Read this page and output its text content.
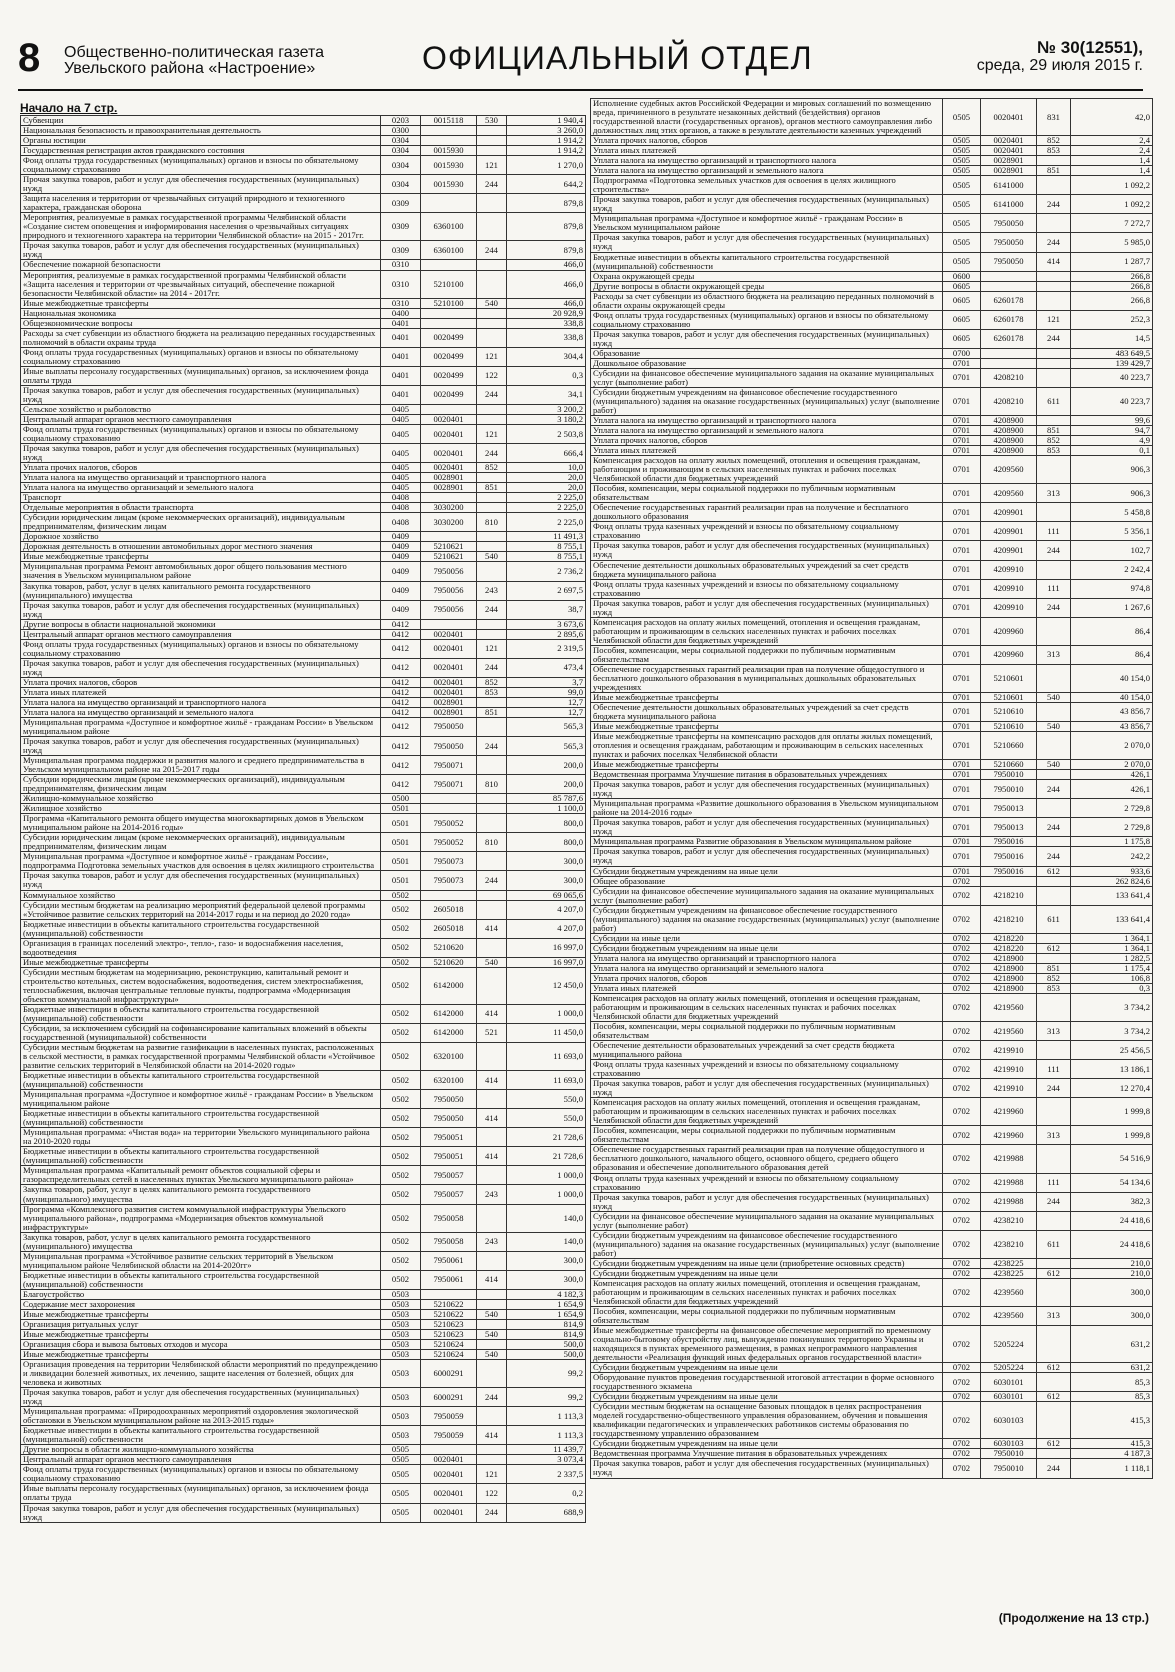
8 Общественно-политическая газета
Увельского района «Настроение»	ОФИЦИАЛЬНЫЙ ОТДЕЛ	№ 30(12551),
среда, 29 июля 2015 г.
Начало на 7 стр.
Субвенции	0203	0015118	530	1 940,4
Национальная безопасность и правоохранительная деятельность	0300			3 260,0
Органы юстиции	0304			1 914,2
Государственная регистрация актов гражданского состояния	0304	0015930		1 914,2
Фонд оплаты труда государственных (муниципальных) органов и взносы по обязательному социальному страхованию	0304	0015930	121	1 270,0
Прочая закупка товаров, работ и услуг для обеспечения государственных (муниципальных) нужд	0304	0015930	244	644,2
Защита населения и территории от чрезвычайных ситуаций природного и техногенного характера, гражданская оборона	0309			879,8
Мероприятия, реализуемые в рамках государственной программы Челябинской области «Создание систем оповещения и информирования населения о чрезвычайных ситуациях природного и техногенного характера на территории Челябинской области» на 2015 - 2017гг.	0309	6360100		879,8
Прочая закупка товаров, работ и услуг для обеспечения государственных (муниципальных) нужд	0309	6360100	244	879,8
Обеспечение пожарной безопасности	0310			466,0
Мероприятия, реализуемые в рамках государственной программы Челябинской области «Защита населения и территории от чрезвычайных ситуаций, обеспечение пожарной безопасности Челябинской области» на 2014 - 2017гг.	0310	5210100		466,0
Иные межбюджетные трансферты	0310	5210100	540	466,0
Национальная экономика	0400			20 928,9
Общеэкономические вопросы	0401			338,8
Расходы за счет субвенции из областного бюджета на реализацию переданных государственных полномочий в области охраны труда	0401	0020499		338,8
Фонд оплаты труда государственных (муниципальных) органов и взносы по обязательному социальному страхованию	0401	0020499	121	304,4
Иные выплаты персоналу государственных (муниципальных) органов, за исключением фонда оплаты труда	0401	0020499	122	0,3
Прочая закупка товаров, работ и услуг для обеспечения государственных (муниципальных) нужд	0401	0020499	244	34,1
Сельское хозяйство и рыболовство	0405			3 200,2
Центральный аппарат органов местного самоуправления	0405	0020401		3 180,2
Фонд оплаты труда государственных (муниципальных) органов и взносы по обязательному социальному страхованию	0405	0020401	121	2 503,8
Прочая закупка товаров, работ и услуг для обеспечения государственных (муниципальных) нужд	0405	0020401	244	666,4
Уплата прочих налогов, сборов	0405	0020401	852	10,0
Уплата налога на имущество организаций и транспортного налога	0405	0028901		20,0
Уплата налога на имущество организаций и земельного налога	0405	0028901	851	20,0
Транспорт	0408			2 225,0
Отдельные мероприятия в области транспорта	0408	3030200		2 225,0
Субсидии юридическим лицам (кроме некоммерческих организаций), индивидуальным предпринимателям, физическим лицам	0408	3030200	810	2 225,0
Дорожное хозяйство	0409			11 491,3
Дорожная деятельность в отношении автомобильных дорог местного значения	0409	5210621		8 755,1
Иные межбюджетные трансферты	0409	5210621	540	8 755,1
Муниципальная программа Ремонт автомобильных дорог общего пользования местного значения в Увельском муниципальном районе	0409	7950056		2 736,2
Закупка товаров, работ, услуг в целях капитального ремонта государственного (муниципального) имущества	0409	7950056	243	2 697,5
Прочая закупка товаров, работ и услуг для обеспечения государственных (муниципальных) нужд	0409	7950056	244	38,7
Другие вопросы в области национальной экономики	0412			3 673,6
Центральный аппарат органов местного самоуправления	0412	0020401		2 895,6
Фонд оплаты труда государственных (муниципальных) органов и взносы по обязательному социальному страхованию	0412	0020401	121	2 319,5
Прочая закупка товаров, работ и услуг для обеспечения государственных (муниципальных) нужд	0412	0020401	244	473,4
Уплата прочих налогов, сборов	0412	0020401	852	3,7
Уплата иных платежей	0412	0020401	853	99,0
Уплата налога на имущество организаций и транспортного налога	0412	0028901		12,7
Уплата налога на имущество организаций и земельного налога	0412	0028901	851	12,7
Муниципальная программа «Доступное и комфортное жильё - гражданам России» в Увельском муниципальном районе	0412	7950050		565,3
Прочая закупка товаров, работ и услуг для обеспечения государственных (муниципальных) нужд	0412	7950050	244	565,3
Муниципальная программа поддержки и развития малого и среднего предпринимательства в Увельском муниципальном районе на 2015-2017 годы	0412	7950071		200,0
Субсидии юридическим лицам (кроме некоммерческих организаций), индивидуальным предпринимателям, физическим лицам	0412	7950071	810	200,0
Жилищно-коммунальное хозяйство	0500			85 787,6
Жилищное хозяйство	0501			1 100,0
Программа «Капитального ремонта общего имущества многоквартирных домов в Увельском муниципальном районе на 2014-2016 годы»	0501	7950052		800,0
Субсидии юридическим лицам (кроме некоммерческих организаций), индивидуальным предпринимателям, физическим лицам	0501	7950052	810	800,0
Муниципальная программа «Доступное и комфортное жильё - гражданам России», подпрограмма Подготовка земельных участков для освоения в целях жилищного строительства	0501	7950073		300,0
Прочая закупка товаров, работ и услуг для обеспечения государственных (муниципальных) нужд	0501	7950073	244	300,0
Коммунальное хозяйство	0502			69 065,6
Субсидии местным бюджетам на реализацию мероприятий федеральной целевой программы «Устойчивое развитие сельских территорий на 2014-2017 годы и на период до 2020 года»	0502	2605018		4 207,0
Бюджетные инвестиции в объекты капитального строительства государственной (муниципальной) собственности	0502	2605018	414	4 207,0
Организация в границах поселений электро-, тепло-, газо- и водоснабжения населения, водоотведения	0502	5210620		16 997,0
Иные межбюджетные трансферты	0502	5210620	540	16 997,0
Субсидии местным бюджетам на модернизацию, реконструкцию, капитальный ремонт и строительство котельных, систем водоснабжения, водоотведения, систем электроснабжения, теплоснабжения, включая центральные тепловые пункты, подпрограмма «Модернизация объектов коммунальной инфраструктуры»	0502	6142000		12 450,0
Бюджетные инвестиции в объекты капитального строительства государственной (муниципальной) собственности	0502	6142000	414	1 000,0
Субсидии, за исключением субсидий на софинансирование капитальных вложений в объекты государственной (муниципальной) собственности	0502	6142000	521	11 450,0
Субсидии местным бюджетам на развитие газификации в населенных пунктах, расположенных в сельской местности, в рамках государственной программы Челябинской области «Устойчивое развитие сельских территорий в Челябинской области на 2014-2020 годы»	0502	6320100		11 693,0
Бюджетные инвестиции в объекты капитального строительства государственной (муниципальной) собственности	0502	6320100	414	11 693,0
Муниципальная программа «Доступное и комфортное жильё - гражданам России» в Увельском муниципальном районе	0502	7950050		550,0
Бюджетные инвестиции в объекты капитального строительства государственной (муниципальной) собственности	0502	7950050	414	550,0
Муниципальная программа: «Чистая вода» на территории Увельского муниципального района на 2010-2020 годы	0502	7950051		21 728,6
Бюджетные инвестиции в объекты капитального строительства государственной (муниципальной) собственности	0502	7950051	414	21 728,6
Муниципальная программа «Капитальный ремонт объектов социальной сферы и газораспределительных сетей в населенных пунктах Увельского муниципального района»	0502	7950057		1 000,0
Закупка товаров, работ, услуг в целях капитального ремонта государственного (муниципального) имущества	0502	7950057	243	1 000,0
Программа «Комплексного развития систем коммунальной инфраструктуры Увельского муниципального района», подпрограмма «Модернизация объектов коммунальной инфраструктуры»	0502	7950058		140,0
Закупка товаров, работ, услуг в целях капитального ремонта государственного (муниципального) имущества	0502	7950058	243	140,0
Муниципальная программа «Устойчивое развитие сельских территорий в Увельском муниципальном районе Челябинской области на 2014-2020гг»	0502	7950061		300,0
Бюджетные инвестиции в объекты капитального строительства государственной (муниципальной) собственности	0502	7950061	414	300,0
Благоустройство	0503			4 182,3
Содержание мест захоронения	0503	5210622		1 654,9
Иные межбюджетные трансферты	0503	5210622	540	1 654,9
Организация ритуальных услуг	0503	5210623		814,9
Иные межбюджетные трансферты	0503	5210623	540	814,9
Организация сбора и вывоза бытовых отходов и мусора	0503	5210624		500,0
Иные межбюджетные трансферты	0503	5210624	540	500,0
Организация проведения на территории Челябинской области мероприятий по предупреждению и ликвидации болезней животных, их лечению, защите населения от болезней, общих для человека и животных	0503	6000291		99,2
Прочая закупка товаров, работ и услуг для обеспечения государственных (муниципальных) нужд	0503	6000291	244	99,2
Муниципальная программа: «Природоохранных мероприятий оздоровления экологической обстановки в Увельском муниципальном районе на 2013-2015 годы»	0503	7950059		1 113,3
Бюджетные инвестиции в объекты капитального строительства государственной (муниципальной) собственности	0503	7950059	414	1 113,3
Другие вопросы в области жилищно-коммунального хозяйства	0505			11 439,7
Центральный аппарат органов местного самоуправления	0505	0020401		3 073,4
Фонд оплаты труда государственных (муниципальных) органов и взносы по обязательному социальному страхованию	0505	0020401	121	2 337,5
Иные выплаты персоналу государственных (муниципальных) органов, за исключением фонда оплаты труда	0505	0020401	122	0,2
Прочая закупка товаров, работ и услуг для обеспечения государственных (муниципальных) нужд	0505	0020401	244	688,9
Исполнение судебных актов Российской Федерации и мировых соглашений по возмещению вреда, причиненного в результате незаконных действий (бездействия) органов государственной власти (государственных органов), органов местного самоуправления либо должностных лиц этих органов, а также в результате деятельности казенных учреждений	0505	0020401	831	42,0
Уплата прочих налогов, сборов	0505	0020401	852	2,4
Уплата иных платежей	0505	0020401	853	2,4
Уплата налога на имущество организаций и транспортного налога	0505	0028901		1,4
Уплата налога на имущество организаций и земельного налога	0505	0028901	851	1,4
Подпрограмма «Подготовка земельных участков для освоения в целях жилищного строительства»	0505	6141000		1 092,2
Прочая закупка товаров, работ и услуг для обеспечения государственных (муниципальных) нужд	0505	6141000	244	1 092,2
Муниципальная программа «Доступное и комфортное жильё - гражданам России» в Увельском муниципальном районе	0505	7950050		7 272,7
Прочая закупка товаров, работ и услуг для обеспечения государственных (муниципальных) нужд	0505	7950050	244	5 985,0
Бюджетные инвестиции в объекты капитального строительства государственной (муниципальной) собственности	0505	7950050	414	1 287,7
Охрана окружающей среды	0600			266,8
Другие вопросы в области окружающей среды	0605			266,8
Расходы за счет субвенции из областного бюджета на реализацию переданных полномочий в области охраны окружающей среды	0605	6260178		266,8
Фонд оплаты труда государственных (муниципальных) органов и взносы по обязательному социальному страхованию	0605	6260178	121	252,3
Прочая закупка товаров, работ и услуг для обеспечения государственных (муниципальных) нужд	0605	6260178	244	14,5
Образование	0700			483 649,5
Дошкольное образование	0701			139 429,7
Субсидии на финансовое обеспечение муниципального задания на оказание муниципальных услуг (выполнение работ)	0701	4208210		40 223,7
Субсидии бюджетным учреждениям на финансовое обеспечение государственного (муниципального) задания на оказание государственных (муниципальных) услуг (выполнение работ)	0701	4208210	611	40 223,7
Уплата налога на имущество организаций и транспортного налога	0701	4208900		99,6
Уплата налога на имущество организаций и земельного налога	0701	4208900	851	94,7
Уплата прочих налогов, сборов	0701	4208900	852	4,9
Уплата иных платежей	0701	4208900	853	0,1
Компенсация расходов на оплату жилых помещений, отопления и освещения гражданам, работающим и проживающим в сельских населенных пунктах и рабочих поселках Челябинской области для бюджетных учреждений	0701	4209560		906,3
Пособия, компенсации, меры социальной поддержки по публичным нормативным обязательствам	0701	4209560	313	906,3
Обеспечение государственных гарантий реализации прав на получение и бесплатного дошкольного образования	0701	4209901		5 458,8
Фонд оплаты труда казенных учреждений и взносы по обязательному социальному страхованию	0701	4209901	111	5 356,1
Прочая закупка товаров, работ и услуг для обеспечения государственных (муниципальных) нужд	0701	4209901	244	102,7
Обеспечение деятельности дошкольных образовательных учреждений за счет средств бюджета муниципального района	0701	4209910		2 242,4
Фонд оплаты труда казенных учреждений и взносы по обязательному социальному страхованию	0701	4209910	111	974,8
Прочая закупка товаров, работ и услуг для обеспечения государственных (муниципальных) нужд	0701	4209910	244	1 267,6
Компенсация расходов на оплату жилых помещений, отопления и освещения гражданам, работающим и проживающим в сельских населенных пунктах и рабочих поселках Челябинской области для бюджетных учреждений	0701	4209960		86,4
Пособия, компенсации, меры социальной поддержки по публичным нормативным обязательствам	0701	4209960	313	86,4
Обеспечение государственных гарантий реализации прав на получение общедоступного и бесплатного дошкольного образования в муниципальных дошкольных образовательных учреждениях	0701	5210601		40 154,0
Иные межбюджетные трансферты	0701	5210601	540	40 154,0
Обеспечение деятельности дошкольных образовательных учреждений за счет средств бюджета муниципального района	0701	5210610		43 856,7
Иные межбюджетные трансферты	0701	5210610	540	43 856,7
Иные межбюджетные трансферты на компенсацию расходов для оплаты жилых помещений, отопления и освещения гражданам, работающим и проживающим в сельских населенных пунктах и рабочих поселках Челябинской области	0701	5210660		2 070,0
Иные межбюджетные трансферты	0701	5210660	540	2 070,0
Ведомственная программа Улучшение питания в образовательных учреждениях	0701	7950010		426,1
Прочая закупка товаров, работ и услуг для обеспечения государственных (муниципальных) нужд	0701	7950010	244	426,1
Муниципальная программа «Развитие дошкольного образования в Увельском муниципальном районе на 2014-2016 годы»	0701	7950013		2 729,8
Прочая закупка товаров, работ и услуг для обеспечения государственных (муниципальных) нужд	0701	7950013	244	2 729,8
Муниципальная программа Развитие образования в Увельском муниципальном районе	0701	7950016		1 175,8
Прочая закупка товаров, работ и услуг для обеспечения государственных (муниципальных) нужд	0701	7950016	244	242,2
Субсидии бюджетным учреждениям на иные цели	0701	7950016	612	933,6
Общее образование	0702			262 824,6
Субсидии на финансовое обеспечение муниципального задания на оказание муниципальных услуг (выполнение работ)	0702	4218210		133 641,4
Субсидии бюджетным учреждениям на финансовое обеспечение государственного (муниципального) задания на оказание государственных (муниципальных) услуг (выполнение работ)	0702	4218210	611	133 641,4
Субсидии на иные цели	0702	4218220		1 364,1
Субсидии бюджетным учреждениям на иные цели	0702	4218220	612	1 364,1
Уплата налога на имущество организаций и транспортного налога	0702	4218900		1 282,5
Уплата налога на имущество организаций и земельного налога	0702	4218900	851	1 175,4
Уплата прочих налогов, сборов	0702	4218900	852	106,8
Уплата иных платежей	0702	4218900	853	0,3
Компенсация расходов на оплату жилых помещений, отопления и освещения гражданам, работающим и проживающим в сельских населенных пунктах и рабочих поселках Челябинской области для бюджетных учреждений	0702	4219560		3 734,2
Пособия, компенсации, меры социальной поддержки по публичным нормативным обязательствам	0702	4219560	313	3 734,2
Обеспечение деятельности образовательных учреждений за счет средств бюджета муниципального района	0702	4219910		25 456,5
Фонд оплаты труда казенных учреждений и взносы по обязательному социальному страхованию	0702	4219910	111	13 186,1
Прочая закупка товаров, работ и услуг для обеспечения государственных (муниципальных) нужд	0702	4219910	244	12 270,4
Компенсация расходов на оплату жилых помещений, отопления и освещения гражданам, работающим и проживающим в сельских населенных пунктах и рабочих поселках Челябинской области для бюджетных учреждений	0702	4219960		1 999,8
Пособия, компенсации, меры социальной поддержки по публичным нормативным обязательствам	0702	4219960	313	1 999,8
Обеспечение государственных гарантий реализации прав на получение общедоступного и бесплатного дошкольного, начального общего, основного общего, среднего общего образования и обеспечение дополнительного образования детей	0702	4219988		54 516,9
Фонд оплаты труда казенных учреждений и взносы по обязательному социальному страхованию	0702	4219988	111	54 134,6
Прочая закупка товаров, работ и услуг для обеспечения государственных (муниципальных) нужд	0702	4219988	244	382,3
Субсидии на финансовое обеспечение муниципального задания на оказание муниципальных услуг (выполнение работ)	0702	4238210		24 418,6
Субсидии бюджетным учреждениям на финансовое обеспечение государственного (муниципального) задания на оказание государственных (муниципальных) услуг (выполнение работ)	0702	4238210	611	24 418,6
Субсидии бюджетным учреждениям на иные цели (приобретение основных средств)	0702	4238225		210,0
Субсидии бюджетным учреждениям на иные цели	0702	4238225	612	210,0
Компенсация расходов на оплату жилых помещений, отопления и освещения гражданам, работающим и проживающим в сельских населенных пунктах и рабочих поселках Челябинской области для бюджетных учреждений	0702	4239560		300,0
Пособия, компенсации, меры социальной поддержки по публичным нормативным обязательствам	0702	4239560	313	300,0
Иные межбюджетные трансферты на финансовое обеспечение мероприятий по временному социально-бытовому обустройству лиц, вынужденно покинувших территорию Украины и находящихся в пунктах временного размещения, в рамках непрограммного направления деятельности «Реализация функций иных федеральных органов государственной власти»	0702	5205224		631,2
Субсидии бюджетным учреждениям на иные цели	0702	5205224	612	631,2
Оборудование пунктов проведения государственной итоговой аттестации в форме основного государственного экзамена	0702	6030101		85,3
Субсидии бюджетным учреждениям на иные цели	0702	6030101	612	85,3
Субсидии местным бюджетам на оснащение базовых площадок в целях распространения моделей государственно-общественного управления образованием, обучения и повышения квалификации педагогических и управленческих работников системы образования по государственному управлению образованием	0702	6030103		415,3
Субсидии бюджетным учреждениям на иные цели	0702	6030103	612	415,3
Ведомственная программа Улучшение питания в образовательных учреждениях	0702	7950010		4 187,3
Прочая закупка товаров, работ и услуг для обеспечения государственных (муниципальных) нужд	0702	7950010	244	1 118,1
(Продолжение на 13 стр.)
